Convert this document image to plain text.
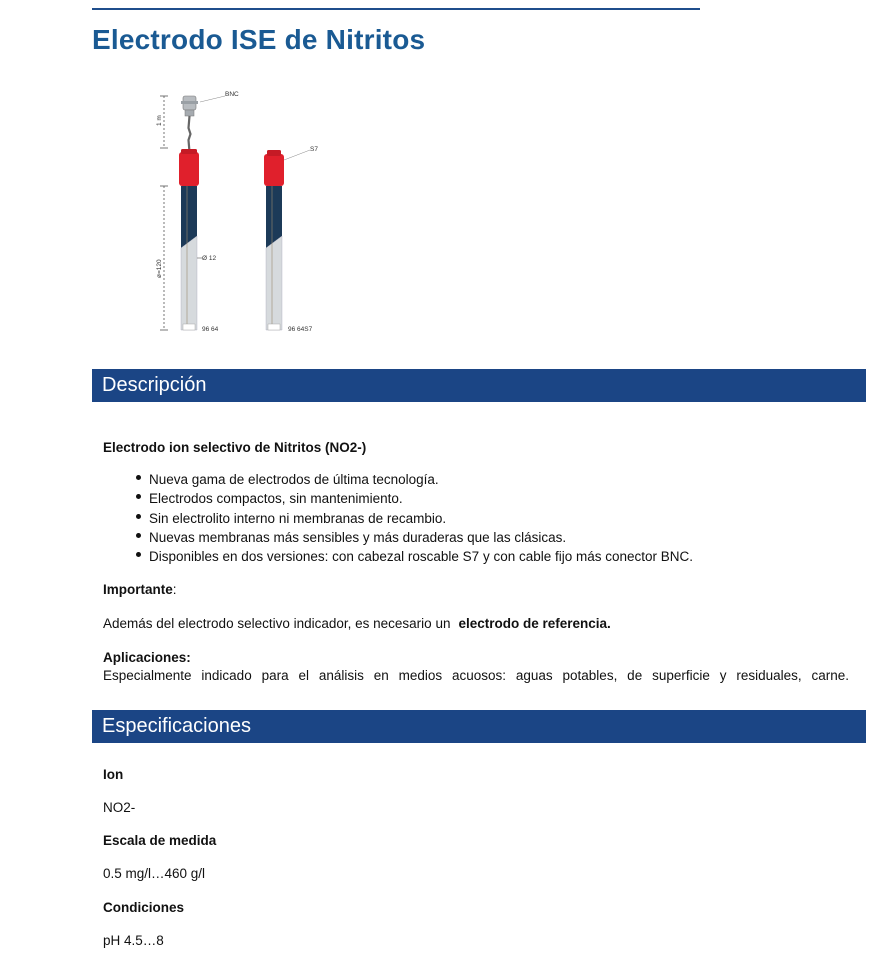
Electrodo ISE de Nitritos
1 m
ø=120
BNC
Ø 12
96 64
S7
96 64S7
Descripción

Electrodo ion selectivo de Nitritos (NO2-)

Nueva gama de electrodos de última tecnología.
Electrodos compactos, sin mantenimiento.
Sin electrolito interno ni membranas de recambio.
Nuevas membranas más sensibles y más duraderas que las clásicas.
Disponibles en dos versiones: con cabezal roscable S7 y con cable fijo más conector BNC.

Importante:

Además del electrodo selectivo indicador, es necesario un electrodo de referencia.

Aplicaciones:

Especialmente indicado para el análisis en medios acuosos: aguas potables, de superficie y residuales, carne.

Especificaciones

Ion

NO2-

Escala de medida

0.5 mg/l…460 g/l

Condiciones

pH 4.5…8
